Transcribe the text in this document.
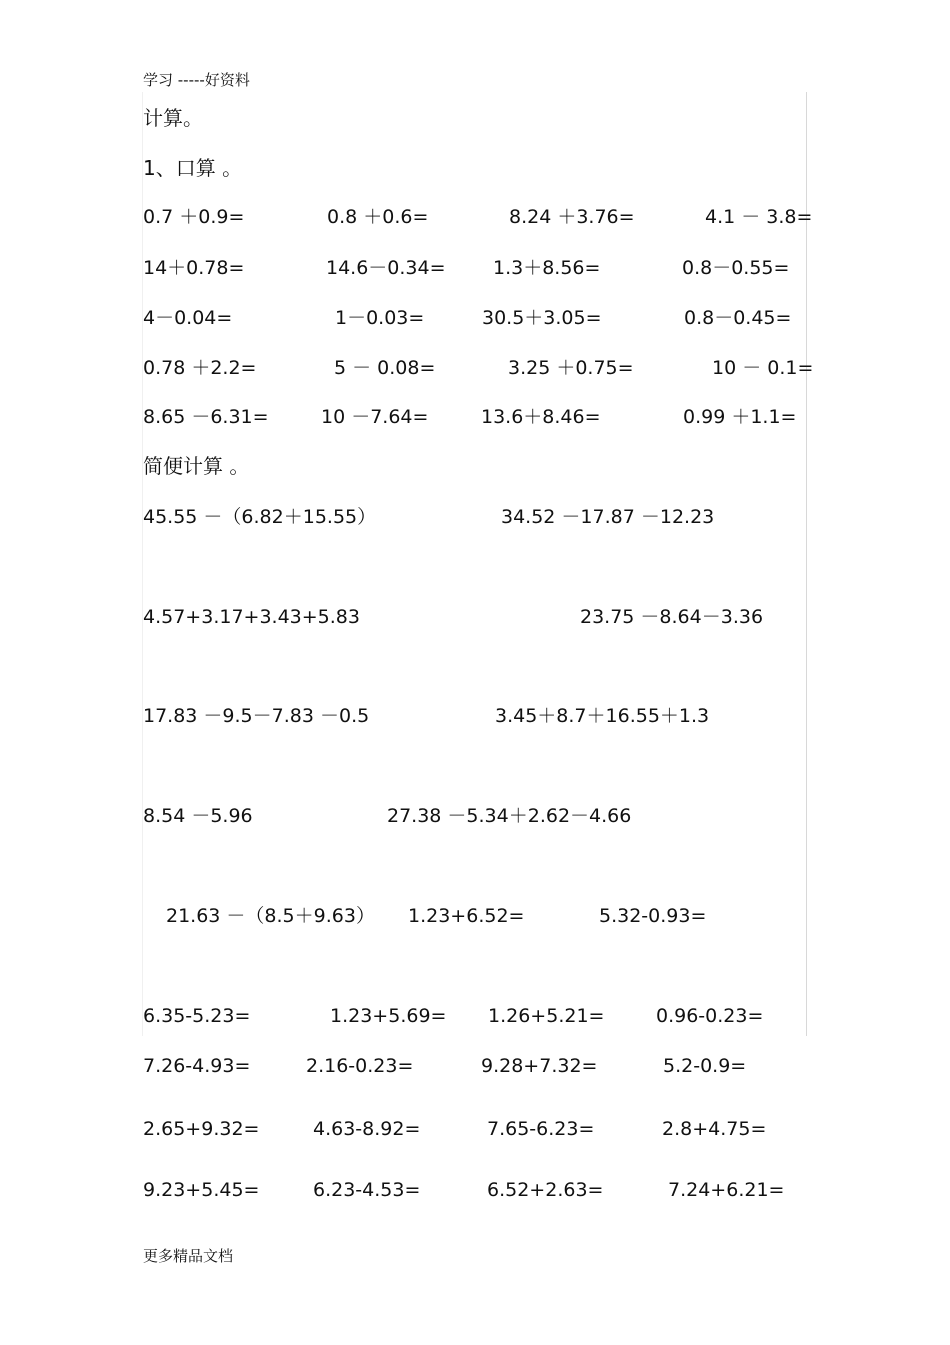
学习 -----好资料
计算。
1、口算 。
0.7 ＋0.9=	0.8 ＋0.6=	8.24 ＋3.76=	4.1 － 3.8=
14＋0.78=	14.6－0.34= 1.3＋8.56=	0.8－0.55=
4－0.04=	1－0.03=	30.5＋3.05=	0.8－0.45=
0.78 ＋2.2=	5 － 0.08=	3.25 ＋0.75=	10 － 0.1=
8.65 －6.31=	10 －7.64=	13.6＋8.46=	0.99 ＋1.1=
简便计算 。
45.55 －（6.82＋15.55）	34.52 －17.87 －12.23
4.57+3.17+3.43+5.83	23.75 －8.64－3.36
17.83 －9.5－7.83 －0.5	3.45＋8.7＋16.55＋1.3
8.54 －5.96	27.38 －5.34＋2.62－4.66
21.63 －（8.5＋9.63） 1.23+6.52=	5.32-0.93=
6.35-5.23=	1.23+5.69= 1.26+5.21=	0.96-0.23=
7.26-4.93=	2.16-0.23=	9.28+7.32=	5.2-0.9=
2.65+9.32=	4.63-8.92=	7.65-6.23=	2.8+4.75=
9.23+5.45=	6.23-4.53=	6.52+2.63=	7.24+6.21=
更多精品文档
